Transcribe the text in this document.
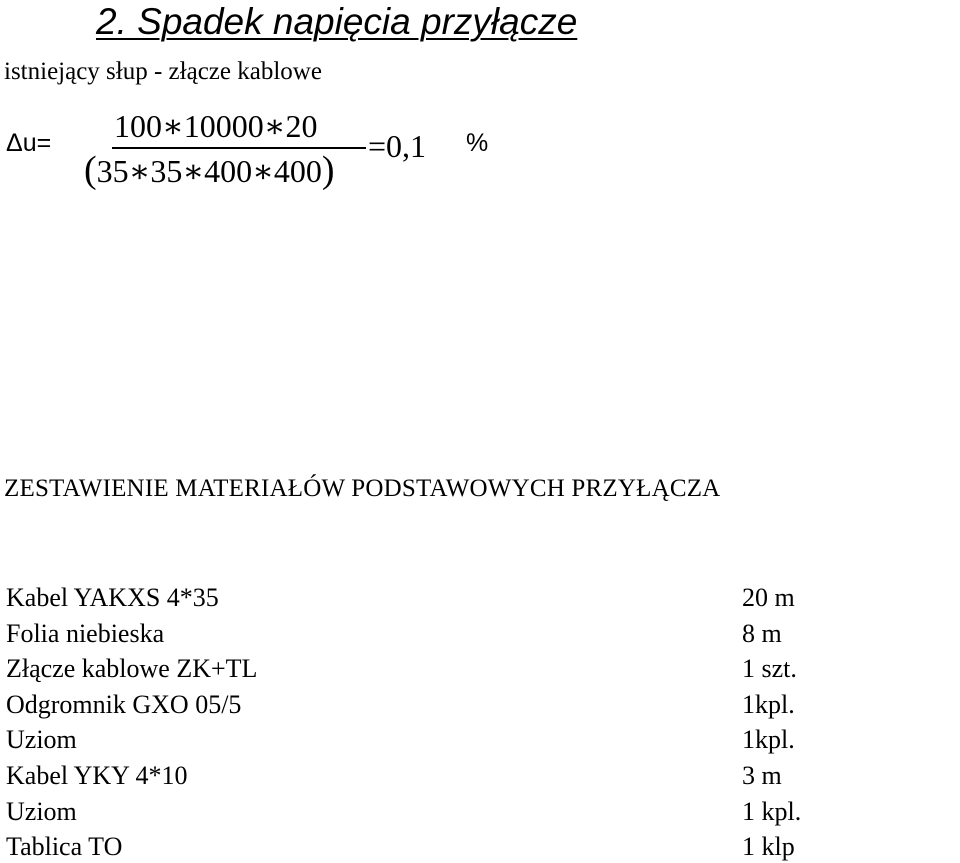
2. Spadek napięcia przyłącze
istniejący słup - złącze kablowe
Δu= 100∗10000∗20
(35∗35∗400∗400)
=0,1 %
ZESTAWIENIE MATERIAŁÓW PODSTAWOWYCH PRZYŁĄCZA
Kabel YAKXS 4*35	20 m
Folia niebieska	8 m
Złącze kablowe ZK+TL	1 szt.
Odgromnik GXO 05/5	1kpl.
Uziom	1kpl.
Kabel YKY 4*10	3 m
Uziom	1 kpl.
Tablica TO	1 klp
